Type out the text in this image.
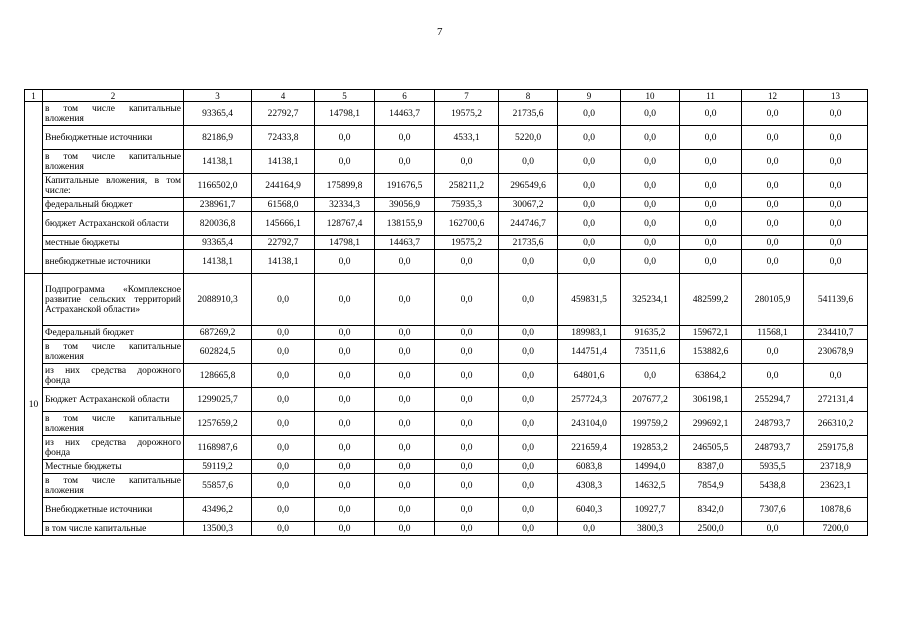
7
1	2	3	4	5	6	7	8	9	10	11	12	13
	в том числе капитальные вложения	93365,4	22792,7	14798,1	14463,7	19575,2	21735,6	0,0	0,0	0,0	0,0	0,0
	Внебюджетные источники	82186,9	72433,8	0,0	0,0	4533,1	5220,0	0,0	0,0	0,0	0,0	0,0
	в том числе капитальные вложения	14138,1	14138,1	0,0	0,0	0,0	0,0	0,0	0,0	0,0	0,0	0,0
	Капитальные вложения, в том числе:	1166502,0	244164,9	175899,8	191676,5	258211,2	296549,6	0,0	0,0	0,0	0,0	0,0
	федеральный бюджет	238961,7	61568,0	32334,3	39056,9	75935,3	30067,2	0,0	0,0	0,0	0,0	0,0
	бюджет Астраханской области	820036,8	145666,1	128767,4	138155,9	162700,6	244746,7	0,0	0,0	0,0	0,0	0,0
	местные бюджеты	93365,4	22792,7	14798,1	14463,7	19575,2	21735,6	0,0	0,0	0,0	0,0	0,0
	внебюджетные источники	14138,1	14138,1	0,0	0,0	0,0	0,0	0,0	0,0	0,0	0,0	0,0
10	Подпрограмма «Комплексное развитие сельских территорий Астраханской области»	2088910,3	0,0	0,0	0,0	0,0	0,0	459831,5	325234,1	482599,2	280105,9	541139,6
	Федеральный бюджет	687269,2	0,0	0,0	0,0	0,0	0,0	189983,1	91635,2	159672,1	11568,1	234410,7
	в том числе капитальные вложения	602824,5	0,0	0,0	0,0	0,0	0,0	144751,4	73511,6	153882,6	0,0	230678,9
	из них средства дорожного фонда	128665,8	0,0	0,0	0,0	0,0	0,0	64801,6	0,0	63864,2	0,0	0,0
	Бюджет Астраханской области	1299025,7	0,0	0,0	0,0	0,0	0,0	257724,3	207677,2	306198,1	255294,7	272131,4
	в том числе капитальные вложения	1257659,2	0,0	0,0	0,0	0,0	0,0	243104,0	199759,2	299692,1	248793,7	266310,2
	из них средства дорожного фонда	1168987,6	0,0	0,0	0,0	0,0	0,0	221659,4	192853,2	246505,5	248793,7	259175,8
	Местные бюджеты	59119,2	0,0	0,0	0,0	0,0	0,0	6083,8	14994,0	8387,0	5935,5	23718,9
	в том числе капитальные вложения	55857,6	0,0	0,0	0,0	0,0	0,0	4308,3	14632,5	7854,9	5438,8	23623,1
	Внебюджетные источники	43496,2	0,0	0,0	0,0	0,0	0,0	6040,3	10927,7	8342,0	7307,6	10878,6
	в том числе капитальные	13500,3	0,0	0,0	0,0	0,0	0,0	0,0	3800,3	2500,0	0,0	7200,0
